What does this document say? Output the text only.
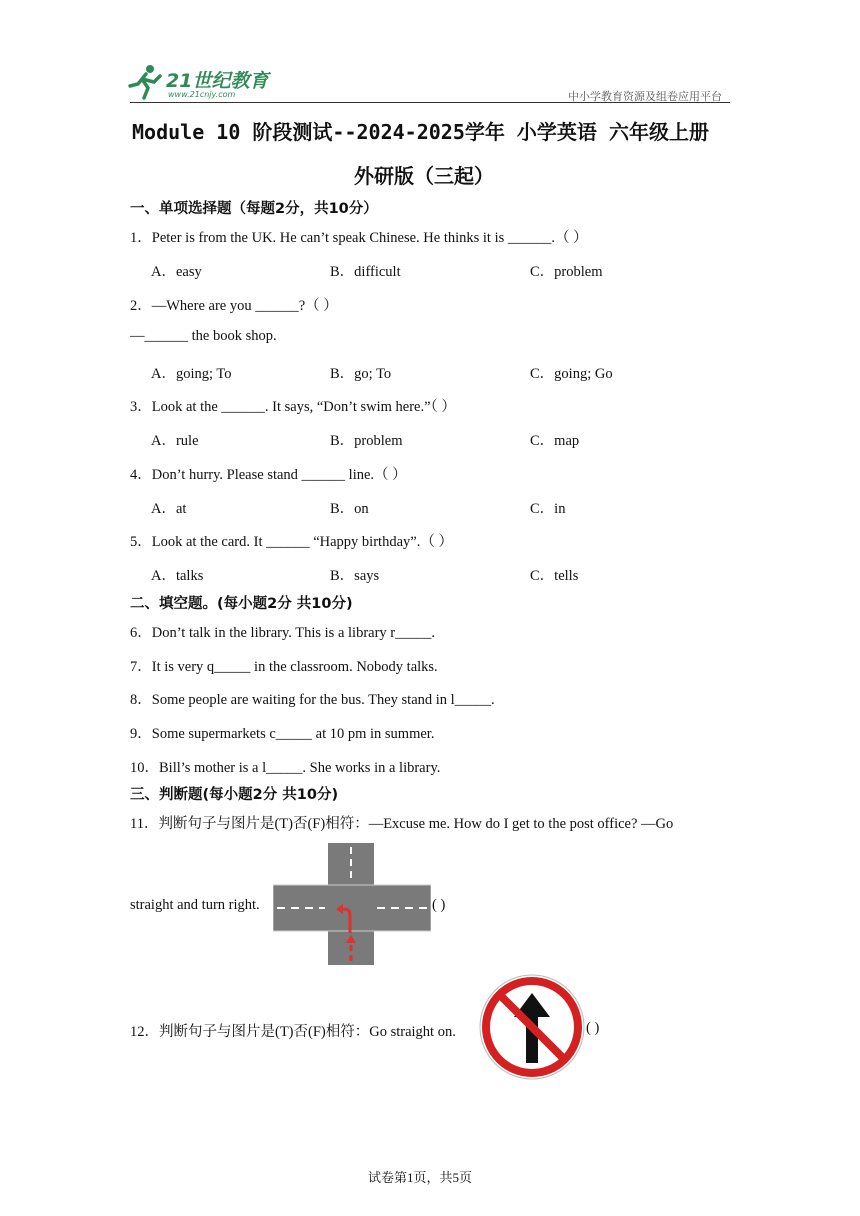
21世纪教育
www.21cnjy.com	中小学教育资源及组卷应用平台
Module 10 阶段测试--2024-2025学年 小学英语 六年级上册
外研版（三起）
一、单项选择题（每题2分，共10分）
1．Peter is from the UK. He can’t speak Chinese. He thinks it is ______.（ ）
A．easy	B．difficult	C．problem
2．—Where are you ______?（ ）
—______ the book shop.
A．going; To	B．go; To	C．going; Go
3．Look at the ______. It says, “Don’t swim here.”（ ）
A．rule	B．problem	C．map
4．Don’t hurry. Please stand ______ line.（ ）
A．at	B．on	C．in
5．Look at the card. It ______ “Happy birthday”.（ ）
A．talks	B．says	C．tells
二、填空题。(每小题2分 共10分)
6．Don’t talk in the library. This is a library r_____.
7．It is very q_____ in the classroom. Nobody talks.
8．Some people are waiting for the bus. They stand in l_____.
9．Some supermarkets c_____ at 10 pm in summer.
10．Bill’s mother is a l_____. She works in a library.
三、判断题(每小题2分 共10分)
11．判断句子与图片是(T)否(F)相符：—Excuse me. How do I get to the post office? —Go
straight and turn right.	( )
12．判断句子与图片是(T)否(F)相符：Go straight on.	( )
试卷第1页，共5页
